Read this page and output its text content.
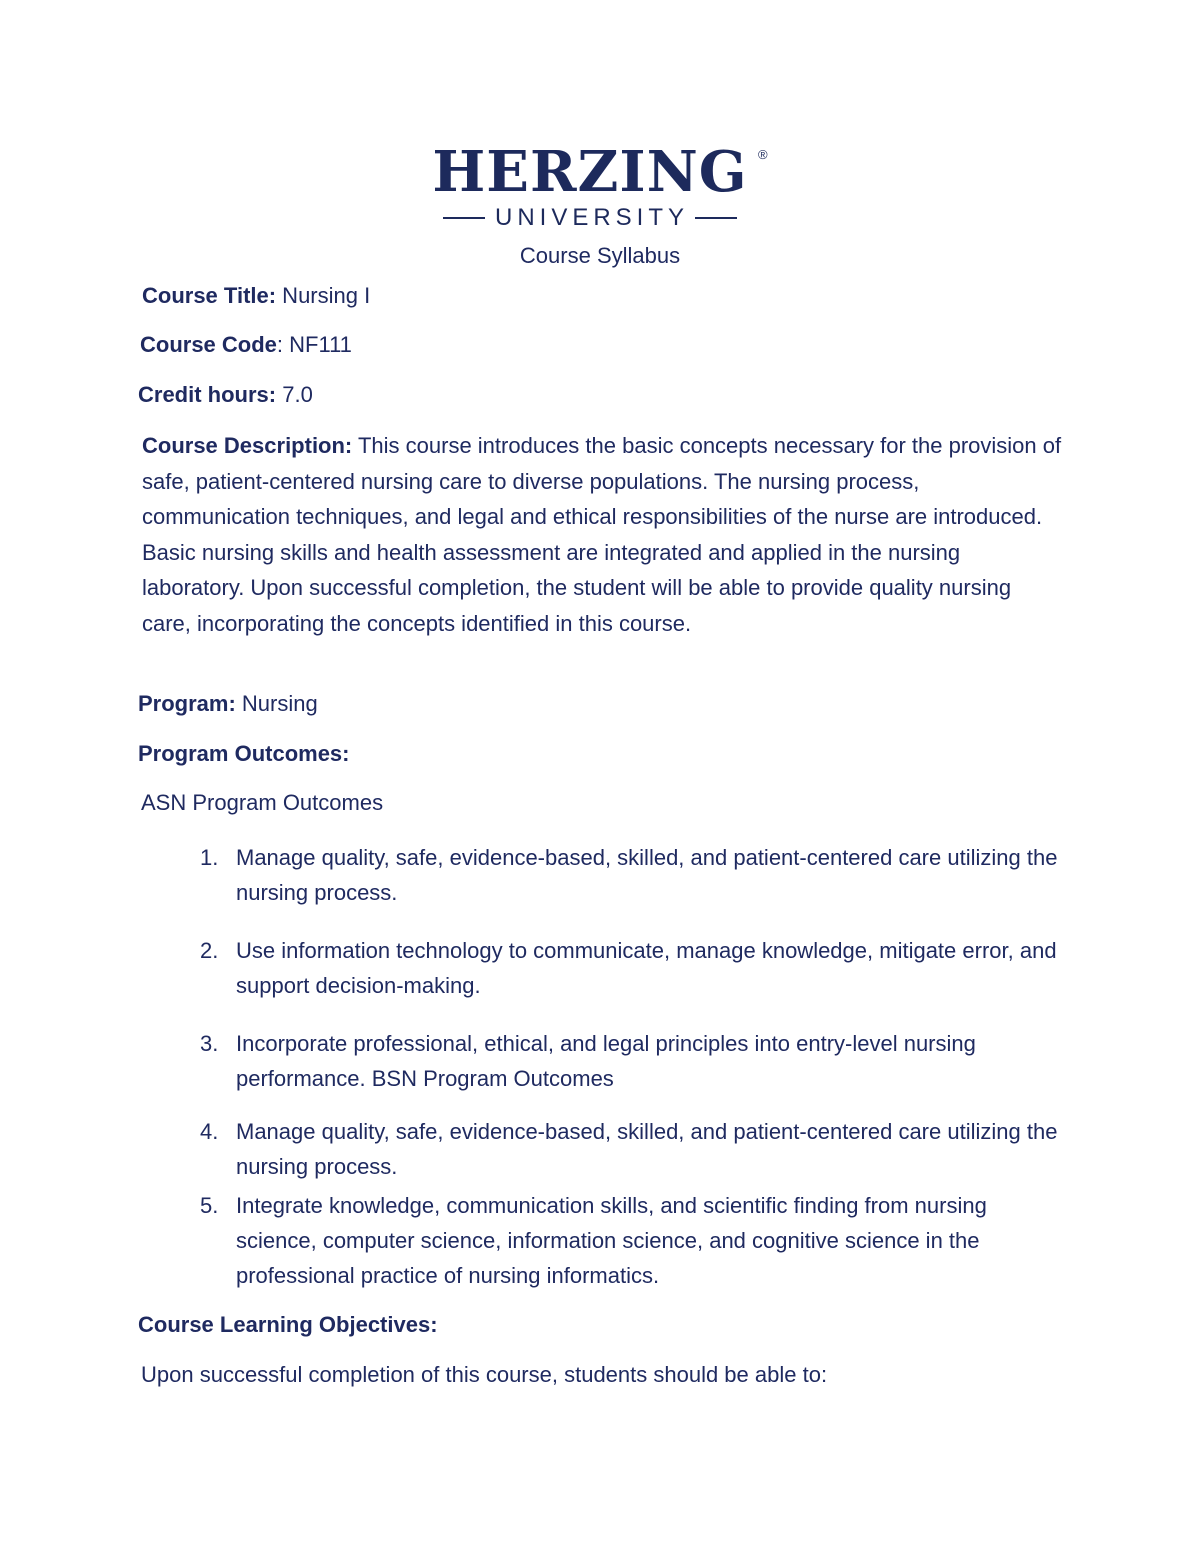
HERZING ®
UNIVERSITY
Course Syllabus
Course Title: Nursing I
Course Code: NF111
Credit hours: 7.0
Course Description: This course introduces the basic concepts necessary for the provision of safe, patient-centered nursing care to diverse populations. The nursing process, communication techniques, and legal and ethical responsibilities of the nurse are introduced. Basic nursing skills and health assessment are integrated and applied in the nursing laboratory. Upon successful completion, the student will be able to provide quality nursing care, incorporating the concepts identified in this course.
Program: Nursing
Program Outcomes:
ASN Program Outcomes
1. Manage quality, safe, evidence-based, skilled, and patient-centered care utilizing the nursing process.
2. Use information technology to communicate, manage knowledge, mitigate error, and support decision-making.
3. Incorporate professional, ethical, and legal principles into entry-level nursing performance. BSN Program Outcomes
4. Manage quality, safe, evidence-based, skilled, and patient-centered care utilizing the nursing process.
5. Integrate knowledge, communication skills, and scientific finding from nursing science, computer science, information science, and cognitive science in the professional practice of nursing informatics.
Course Learning Objectives:
Upon successful completion of this course, students should be able to:
